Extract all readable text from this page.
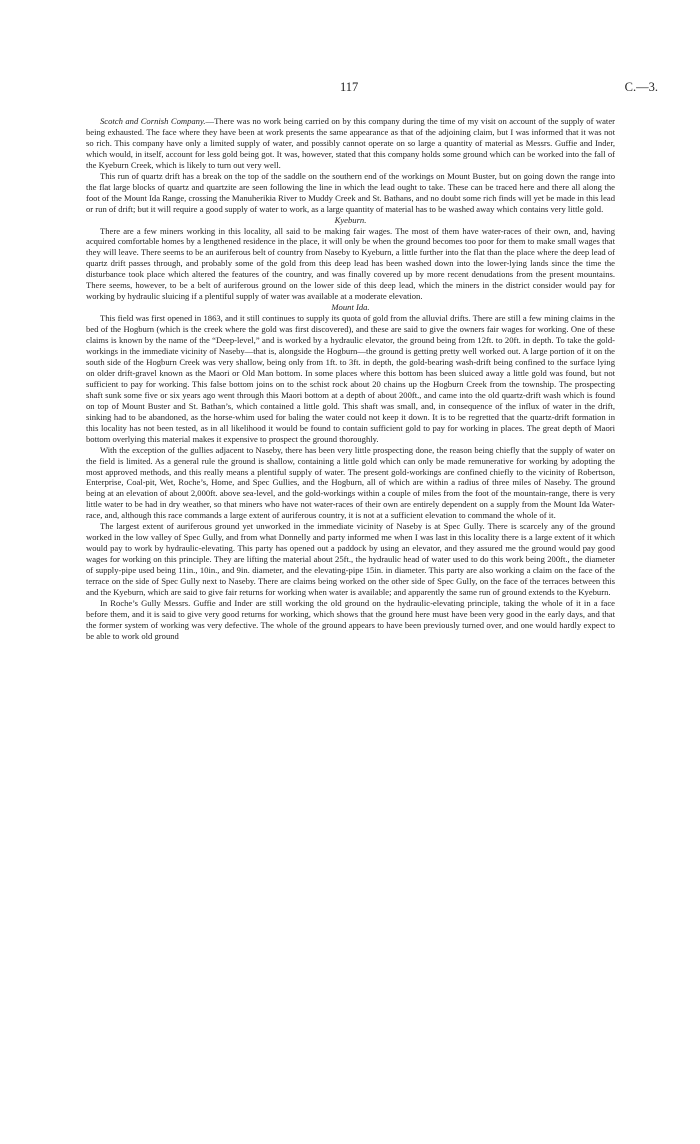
117	C.—3.

Scotch and Cornish Company.—There was no work being carried on by this company during the time of my visit on account of the supply of water being exhausted. The face where they have been at work presents the same appearance as that of the adjoining claim, but I was informed that it was not so rich. This company have only a limited supply of water, and possibly cannot operate on so large a quantity of material as Messrs. Guffie and Inder, which would, in itself, account for less gold being got. It was, however, stated that this company holds some ground which can be worked into the fall of the Kyeburn Creek, which is likely to turn out very well.

This run of quartz drift has a break on the top of the saddle on the southern end of the workings on Mount Buster, but on going down the range into the flat large blocks of quartz and quartzite are seen following the line in which the lead ought to take. These can be traced here and there all along the foot of the Mount Ida Range, crossing the Manuherikia River to Muddy Creek and St. Bathans, and no doubt some rich finds will yet be made in this lead or run of drift; but it will require a good supply of water to work, as a large quantity of material has to be washed away which contains very little gold.

Kyeburn.

There are a few miners working in this locality, all said to be making fair wages. The most of them have water-races of their own, and, having acquired comfortable homes by a lengthened residence in the place, it will only be when the ground becomes too poor for them to make small wages that they will leave. There seems to be an auriferous belt of country from Naseby to Kyeburn, a little further into the flat than the place where the deep lead of quartz drift passes through, and probably some of the gold from this deep lead has been washed down into the lower-lying lands since the time the disturbance took place which altered the features of the country, and was finally covered up by more recent denudations from the present mountains. There seems, however, to be a belt of auriferous ground on the lower side of this deep lead, which the miners in the district consider would pay for working by hydraulic sluicing if a plentiful supply of water was available at a moderate elevation.

Mount Ida.

This field was first opened in 1863, and it still continues to supply its quota of gold from the alluvial drifts. There are still a few mining claims in the bed of the Hogburn (which is the creek where the gold was first discovered), and these are said to give the owners fair wages for working. One of these claims is known by the name of the “Deep-level,” and is worked by a hydraulic elevator, the ground being from 12ft. to 20ft. in depth. To take the gold-workings in the immediate vicinity of Naseby—that is, alongside the Hogburn—the ground is getting pretty well worked out. A large portion of it on the south side of the Hogburn Creek was very shallow, being only from 1ft. to 3ft. in depth, the gold-bearing wash-drift being confined to the surface lying on older drift-gravel known as the Maori or Old Man bottom. In some places where this bottom has been sluiced away a little gold was found, but not sufficient to pay for working. This false bottom joins on to the schist rock about 20 chains up the Hogburn Creek from the township. The prospecting shaft sunk some five or six years ago went through this Maori bottom at a depth of about 200ft., and came into the old quartz-drift wash which is found on top of Mount Buster and St. Bathan’s, which contained a little gold. This shaft was small, and, in consequence of the influx of water in the drift, sinking had to be abandoned, as the horse-whim used for baling the water could not keep it down. It is to be regretted that the quartz-drift formation in this locality has not been tested, as in all likelihood it would be found to contain sufficient gold to pay for working in places. The great depth of Maori bottom overlying this material makes it expensive to prospect the ground thoroughly.

With the exception of the gullies adjacent to Naseby, there has been very little prospecting done, the reason being chiefly that the supply of water on the field is limited. As a general rule the ground is shallow, containing a little gold which can only be made remunerative for working by adopting the most approved methods, and this really means a plentiful supply of water. The present gold-workings are confined chiefly to the vicinity of Robertson, Enterprise, Coal-pit, Wet, Roche’s, Home, and Spec Gullies, and the Hogburn, all of which are within a radius of three miles of Naseby. The ground being at an elevation of about 2,000ft. above sea-level, and the gold-workings within a couple of miles from the foot of the mountain-range, there is very little water to be had in dry weather, so that miners who have not water-races of their own are entirely dependent on a supply from the Mount Ida Water-race, and, although this race commands a large extent of auriferous country, it is not at a sufficient elevation to command the whole of it.

The largest extent of auriferous ground yet unworked in the immediate vicinity of Naseby is at Spec Gully. There is scarcely any of the ground worked in the low valley of Spec Gully, and from what Donnelly and party informed me when I was last in this locality there is a large extent of it which would pay to work by hydraulic-elevating. This party has opened out a paddock by using an elevator, and they assured me the ground would pay good wages for working on this principle. They are lifting the material about 25ft., the hydraulic head of water used to do this work being 200ft., the diameter of supply-pipe used being 11in., 10in., and 9in. diameter, and the elevating-pipe 15in. in diameter. This party are also working a claim on the face of the terrace on the side of Spec Gully next to Naseby. There are claims being worked on the other side of Spec Gully, on the face of the terraces between this and the Kyeburn, which are said to give fair returns for working when water is available; and apparently the same run of ground extends to the Kyeburn.

In Roche’s Gully Messrs. Guffie and Inder are still working the old ground on the hydraulic-elevating principle, taking the whole of it in a face before them, and it is said to give very good returns for working, which shows that the ground here must have been very good in the early days, and that the former system of working was very defective. The whole of the ground appears to have been previously turned over, and one would hardly expect to be able to work old ground
